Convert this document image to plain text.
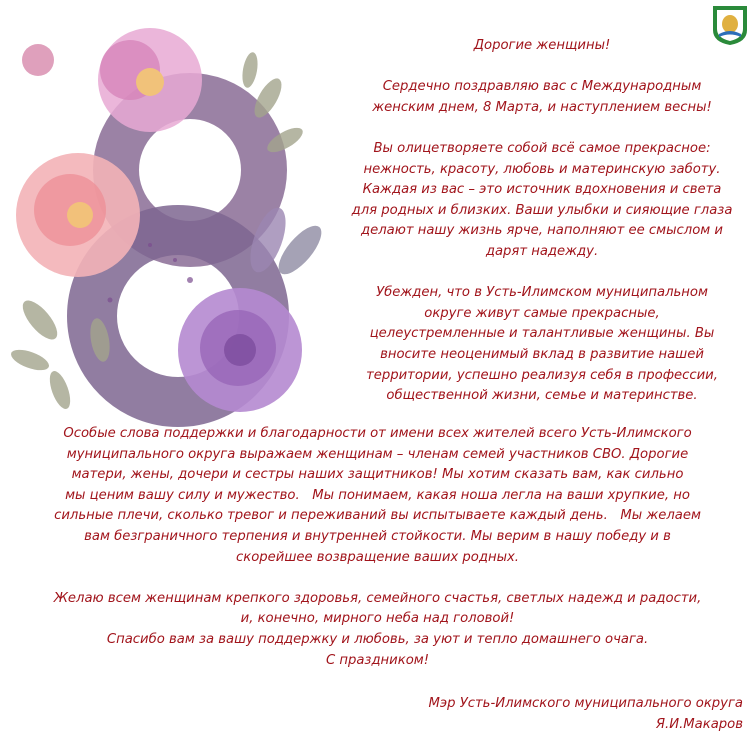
Дорогие женщины!
Сердечно поздравляю вас с Международным
женским днем, 8 Марта, и наступлением весны!
Вы олицетворяете собой всё самое прекрасное:
нежность, красоту, любовь и материнскую заботу.
Каждая из вас – это источник вдохновения и света
для родных и близких. Ваши улыбки и сияющие глаза
делают нашу жизнь ярче, наполняют ее смыслом и
дарят надежду.
Убежден, что в Усть-Илимском муниципальном
округе живут самые прекрасные,
целеустремленные и талантливые женщины. Вы
вносите неоценимый вклад в развитие нашей
территории, успешно реализуя себя в профессии,
общественной жизни, семье и материнстве.
Особые слова поддержки и благодарности от имени всех жителей всего Усть-Илимского
муниципального округа выражаем женщинам – членам семей участников СВО. Дорогие
матери, жены, дочери и сестры наших защитников! Мы хотим сказать вам, как сильно
мы ценим вашу силу и мужество.   Мы понимаем, какая ноша легла на ваши хрупкие, но
сильные плечи, сколько тревог и переживаний вы испытываете каждый день.   Мы желаем
вам безграничного терпения и внутренней стойкости. Мы верим в нашу победу и в
скорейшее возвращение ваших родных.
Желаю всем женщинам крепкого здоровья, семейного счастья, светлых надежд и радости,
и, конечно, мирного неба над головой!
Спасибо вам за вашу поддержку и любовь, за уют и тепло домашнего очага.
С праздником!
Мэр Усть-Илимского муниципального округа
Я.И.Макаров
